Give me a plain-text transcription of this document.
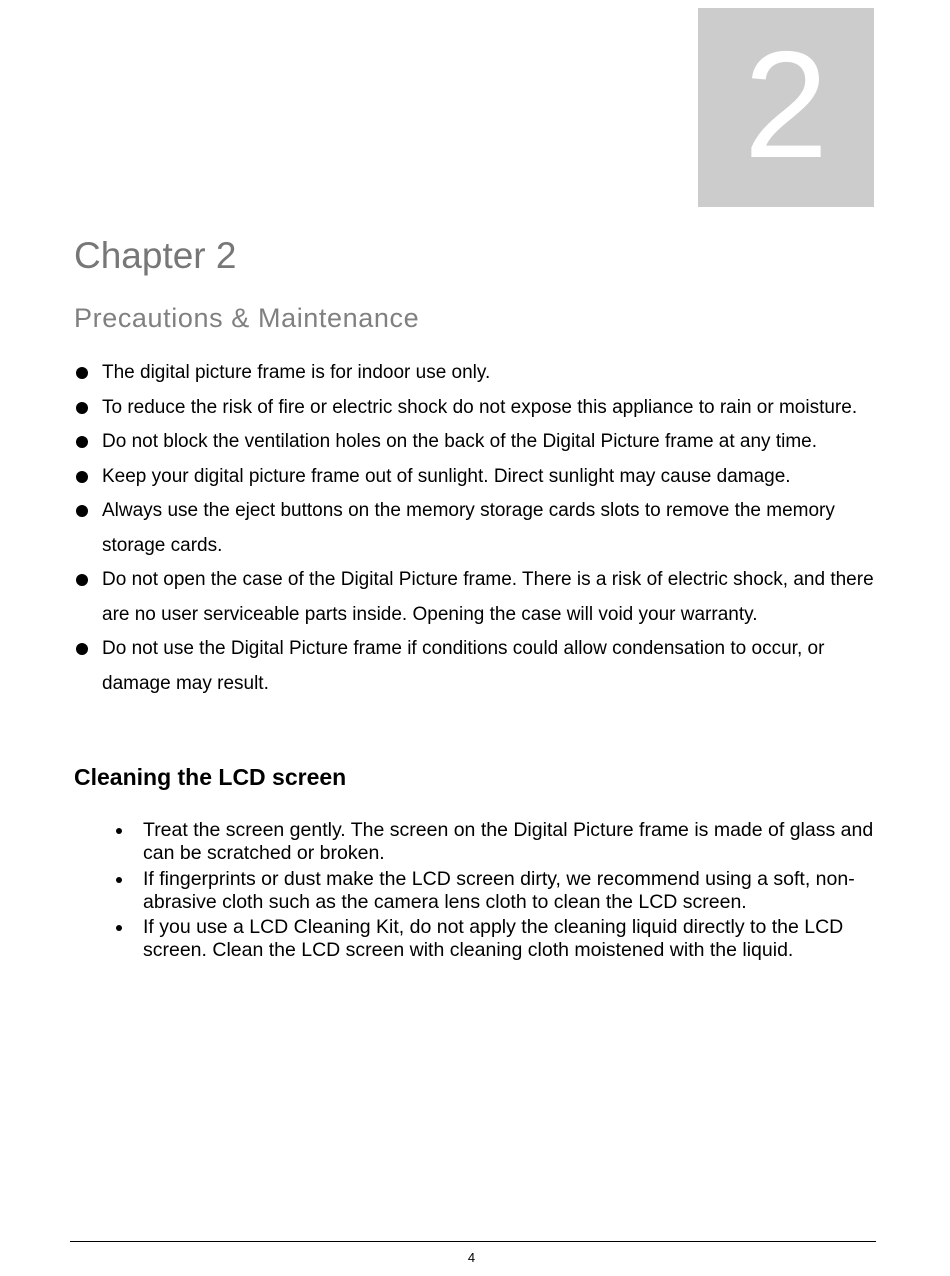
2
Chapter 2
Precautions & Maintenance
The digital picture frame is for indoor use only.
To reduce the risk of fire or electric shock do not expose this appliance to rain or moisture.
Do not block the ventilation holes on the back of the Digital Picture frame at any time.
Keep your digital picture frame out of sunlight. Direct sunlight may cause damage.
Always use the eject buttons on the memory storage cards slots to remove the memory storage cards.
Do not open the case of the Digital Picture frame. There is a risk of electric shock, and there are no user serviceable parts inside. Opening the case will void your warranty.
Do not use the Digital Picture frame if conditions could allow condensation to occur, or damage may result.
Cleaning the LCD screen
Treat the screen gently. The screen on the Digital Picture frame is made of glass and can be scratched or broken.
If fingerprints or dust make the LCD screen dirty, we recommend using a soft, non-abrasive cloth such as the camera lens cloth to clean the LCD screen.
If you use a LCD Cleaning Kit, do not apply the cleaning liquid directly to the LCD screen. Clean the LCD screen with cleaning cloth moistened with the liquid.
4
